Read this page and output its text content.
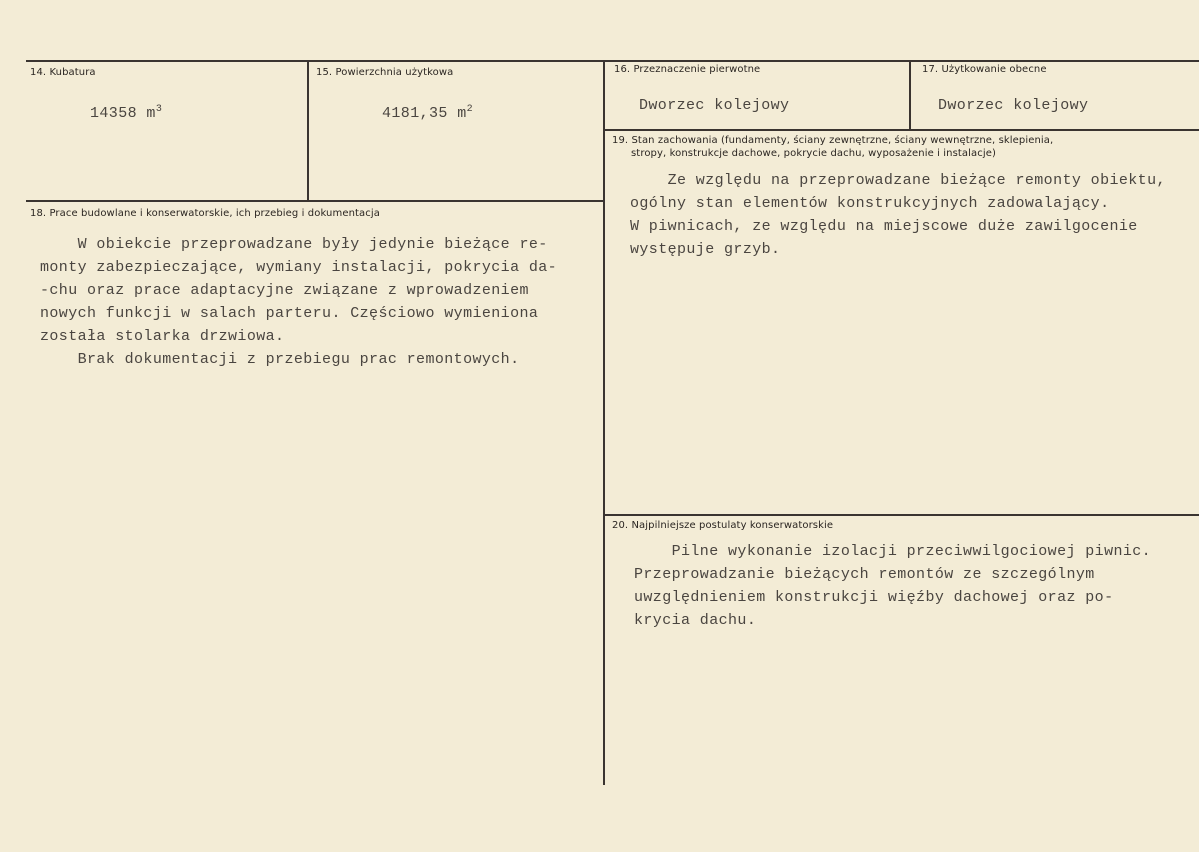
14. Kubatura
14358 $m^3$
15. Powierzchnia użytkowa
4181,35 $m^2$
16. Przeznaczenie pierwotne
Dworzec kolejowy
17. Użytkowanie obecne
Dworzec kolejowy
18. Prace budowlane i konserwatorskie, ich przebieg i dokumentacja
W obiekcie przeprowadzane były jedynie bieżące re-
monty zabezpieczające, wymiany instalacji, pokrycia da-
-chu oraz prace adaptacyjne związane z wprowadzeniem
nowych funkcji w salach parteru. Częściowo wymieniona
została stolarka drzwiowa.
Brak dokumentacji z przebiegu prac remontowych.
19. Stan zachowania (fundamenty, ściany zewnętrzne, ściany wewnętrzne, sklepienia,
stropy, konstrukcje dachowe, pokrycie dachu, wyposażenie i instalacje)
Ze względu na przeprowadzane bieżące remonty obiektu,
ogólny stan elementów konstrukcyjnych zadowalający.
W piwnicach, ze względu na miejscowe duże zawilgocenie
występuje grzyb.
20. Najpilniejsze postulaty konserwatorskie
Pilne wykonanie izolacji przeciwwilgociowej piwnic.
Przeprowadzanie bieżących remontów ze szczególnym
uwzględnieniem konstrukcji więźby dachowej oraz po-
krycia dachu.
